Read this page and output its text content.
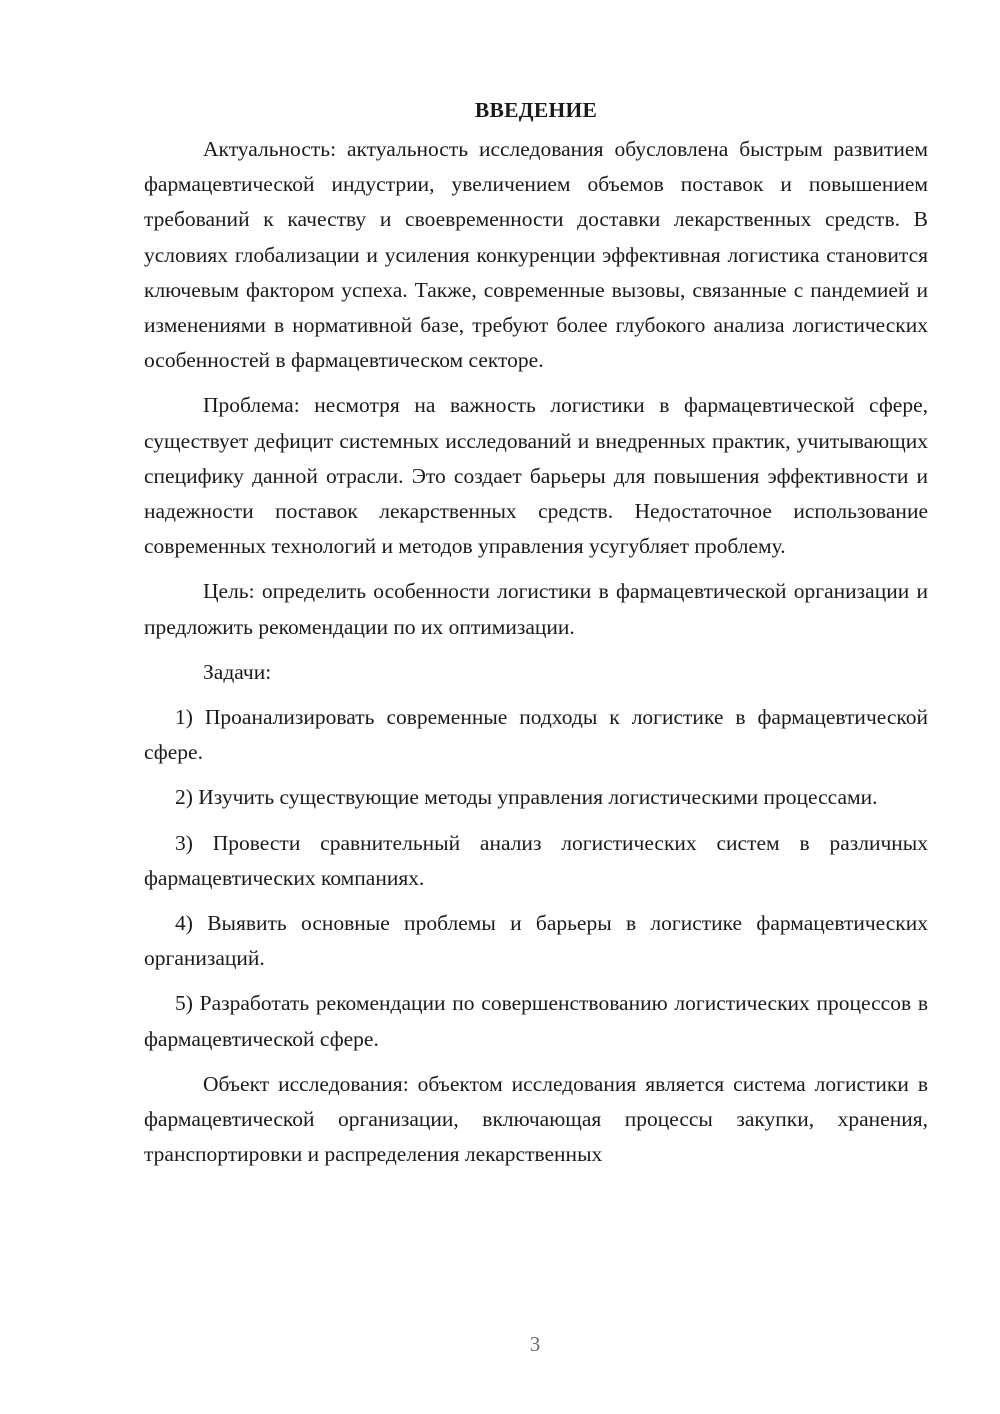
ВВЕДЕНИЕ

Актуальность: актуальность исследования обусловлена быстрым развитием фармацевтической индустрии, увеличением объемов поставок и повышением требований к качеству и своевременности доставки лекарственных средств. В условиях глобализации и усиления конкуренции эффективная логистика становится ключевым фактором успеха. Также, современные вызовы, связанные с пандемией и изменениями в нормативной базе, требуют более глубокого анализа логистических особенностей в фармацевтическом секторе.

Проблема: несмотря на важность логистики в фармацевтической сфере, существует дефицит системных исследований и внедренных практик, учитывающих специфику данной отрасли. Это создает барьеры для повышения эффективности и надежности поставок лекарственных средств. Недостаточное использование современных технологий и методов управления усугубляет проблему.

Цель: определить особенности логистики в фармацевтической организации и предложить рекомендации по их оптимизации.

Задачи:

1) Проанализировать современные подходы к логистике в фармацевтической сфере.

2) Изучить существующие методы управления логистическими процессами.

3) Провести сравнительный анализ логистических систем в различных фармацевтических компаниях.

4) Выявить основные проблемы и барьеры в логистике фармацевтических организаций.

5) Разработать рекомендации по совершенствованию логистических процессов в фармацевтической сфере.

Объект исследования: объектом исследования является система логистики в фармацевтической организации, включающая процессы закупки, хранения, транспортировки и распределения лекарственных

3
